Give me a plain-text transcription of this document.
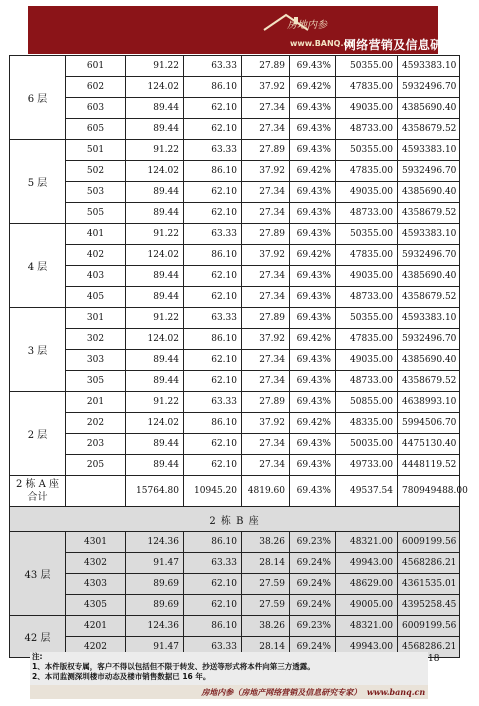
房地内参
www.BANQ.cn
网络营销及信息研究专家
6 层	601	91.22	63.33	27.89	69.43%	50355.00	4593383.10
	602	124.02	86.10	37.92	69.42%	47835.00	5932496.70
	603	89.44	62.10	27.34	69.43%	49035.00	4385690.40
	605	89.44	62.10	27.34	69.43%	48733.00	4358679.52
5 层	501	91.22	63.33	27.89	69.43%	50355.00	4593383.10
	502	124.02	86.10	37.92	69.42%	47835.00	5932496.70
	503	89.44	62.10	27.34	69.43%	49035.00	4385690.40
	505	89.44	62.10	27.34	69.43%	48733.00	4358679.52
4 层	401	91.22	63.33	27.89	69.43%	50355.00	4593383.10
	402	124.02	86.10	37.92	69.42%	47835.00	5932496.70
	403	89.44	62.10	27.34	69.43%	49035.00	4385690.40
	405	89.44	62.10	27.34	69.43%	48733.00	4358679.52
3 层	301	91.22	63.33	27.89	69.43%	50355.00	4593383.10
	302	124.02	86.10	37.92	69.42%	47835.00	5932496.70
	303	89.44	62.10	27.34	69.43%	49035.00	4385690.40
	305	89.44	62.10	27.34	69.43%	48733.00	4358679.52
2 层	201	91.22	63.33	27.89	69.43%	50855.00	4638993.10
	202	124.02	86.10	37.92	69.42%	48335.00	5994506.70
	203	89.44	62.10	27.34	69.43%	50035.00	4475130.40
	205	89.44	62.10	27.34	69.43%	49733.00	4448119.52
2 栋 A 座合计		15764.80	10945.20	4819.60	69.43%	49537.54	780949488.00
2 栋 B 座							
43 层	4301	124.36	86.10	38.26	69.23%	48321.00	6009199.56
	4302	91.47	63.33	28.14	69.24%	49943.00	4568286.21
	4303	89.69	62.10	27.59	69.24%	48629.00	4361535.01
	4305	89.69	62.10	27.59	69.24%	49005.00	4395258.45
42 层	4201	124.36	86.10	38.26	69.23%	48321.00	6009199.56
	4202	91.47	63.33	28.14	69.24%	49943.00	4568286.21
注:
1、本件版权专属，客户不得以包括但不限于转发、抄送等形式将本件向第三方透露。
2、本司监测深圳楼市动态及楼市销售数据已 16 年。
18
房地内参（房地产网络营销及信息研究专家） www.banq.cn
